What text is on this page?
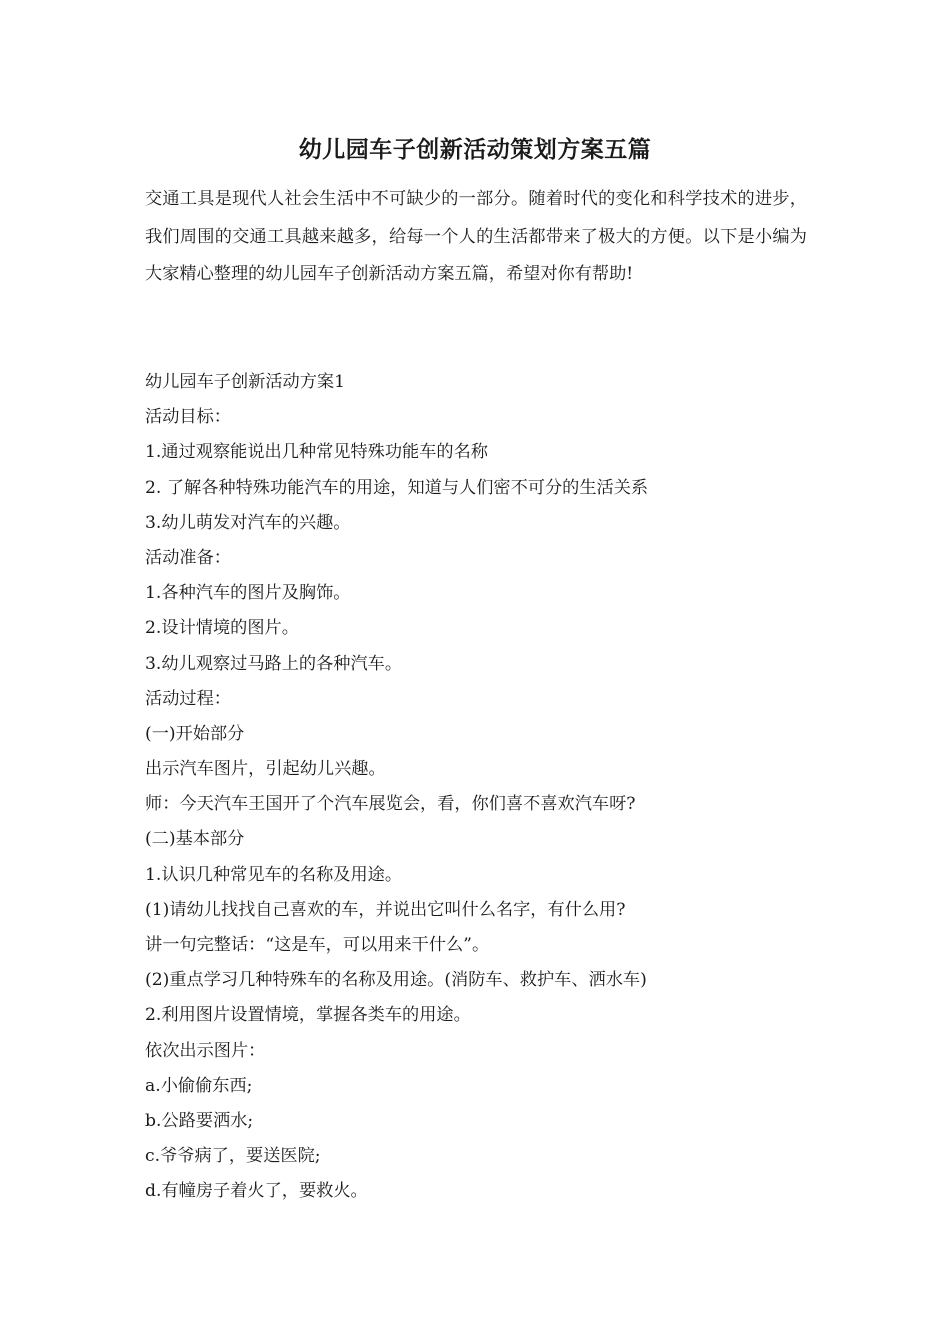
幼儿园车子创新活动策划方案五篇

交通工具是现代人社会生活中不可缺少的一部分。随着时代的变化和科学技术的进步，我们周围的交通工具越来越多，给每一个人的生活都带来了极大的方便。以下是小编为大家精心整理的幼儿园车子创新活动方案五篇，希望对你有帮助!

幼儿园车子创新活动方案1
活动目标：
1.通过观察能说出几种常见特殊功能车的名称
2. 了解各种特殊功能汽车的用途，知道与人们密不可分的生活关系
3.幼儿萌发对汽车的兴趣。
活动准备：
1.各种汽车的图片及胸饰。
2.设计情境的图片。
3.幼儿观察过马路上的各种汽车。
活动过程：
(一)开始部分
出示汽车图片，引起幼儿兴趣。
师：今天汽车王国开了个汽车展览会，看，你们喜不喜欢汽车呀?
(二)基本部分
1.认识几种常见车的名称及用途。
(1)请幼儿找找自己喜欢的车，并说出它叫什么名字，有什么用?
讲一句完整话：“这是车，可以用来干什么”。
(2)重点学习几种特殊车的名称及用途。(消防车、救护车、洒水车)
2.利用图片设置情境，掌握各类车的用途。
依次出示图片：
a.小偷偷东西;
b.公路要洒水;
c.爷爷病了，要送医院;
d.有幢房子着火了，要救火。
